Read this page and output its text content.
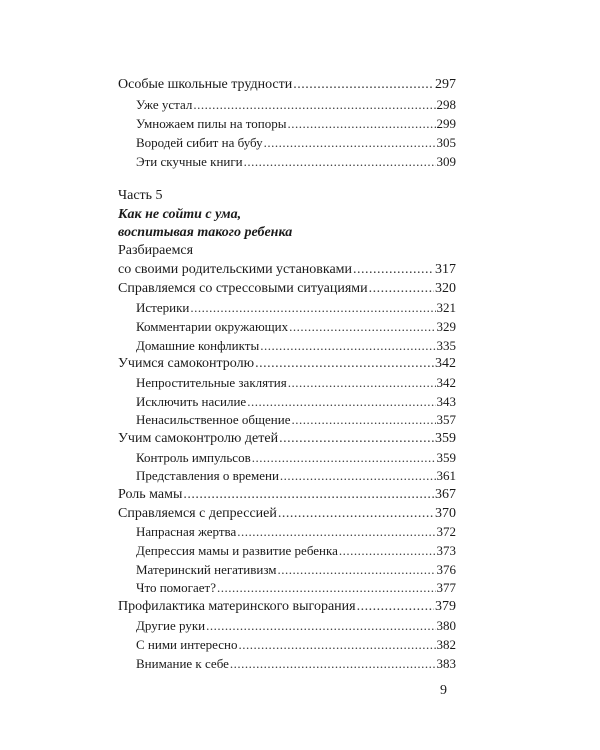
Особые школьные трудности .....	297
Уже устал .....	298
Умножаем пилы на топоры .....	299
Вородей сибит на бубу .....	305
Эти скучные книги .....	309
Часть 5
Как не сойти с ума,
воспитывая такого ребенка
Разбираемся
со своими родительскими установками .....	317
Справляемся со стрессовыми ситуациями .....	320
Истерики .....	321
Комментарии окружающих .....	329
Домашние конфликты .....	335
Учимся самоконтролю .....	342
Непростительные заклятия .....	342
Исключить насилие .....	343
Ненасильственное общение .....	357
Учим самоконтролю детей .....	359
Контроль импульсов .....	359
Представления о времени .....	361
Роль мамы .....	367
Справляемся с депрессией .....	370
Напрасная жертва .....	372
Депрессия мамы и развитие ребенка .....	373
Материнский негативизм .....	376
Что помогает? .....	377
Профилактика материнского выгорания .....	379
Другие руки .....	380
С ними интересно .....	382
Внимание к себе .....	383
9
